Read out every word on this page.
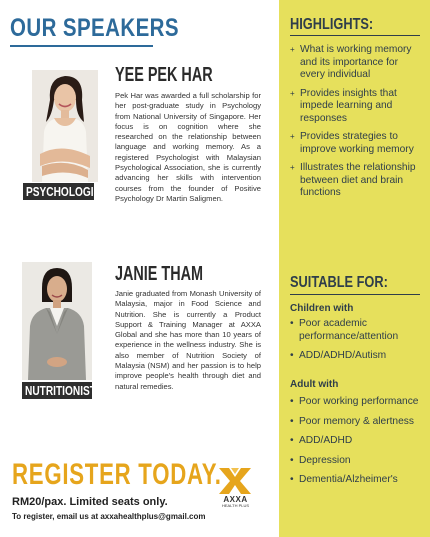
OUR SPEAKERS
PSYCHOLOGIST
YEE PEK HAR

Pek Har was awarded a full scholarship for her post-graduate study in Psychology from National University of Singapore. Her focus is on cognition where she researched on the relationship between language and working memory. As a registered Psychologist with Malaysian Psychological Association, she is currently advancing her skills with intervention courses from the founder of Positive Psychology Dr Martin Saligmen.

NUTRITIONIST
JANIE THAM

Janie graduated from Monash University of Malaysia, major in Food Science and Nutrition. She is currently a Product Support & Training Manager at AXXA Global and she has more than 10 years of experience in the wellness industry. She is also member of Nutrition Society of Malaysia (NSM) and her passion is to help improve people's health through diet and natural remedies.

REGISTER TODAY.
RM20/pax. Limited seats only.
To register, email us at axxahealthplus@gmail.com
AXXA
HEALTH PLUS
HIGHLIGHTS:
+ What is working memory and its importance for every individual
+ Provides insights that impede learning and responses
+ Provides strategies to improve working memory
+ Illustrates the relationship between diet and brain functions
SUITABLE FOR:
Children with
• Poor academic performance/attention
• ADD/ADHD/Autism
Adult with
• Poor working performance
• Poor memory & alertness
• ADD/ADHD
• Depression
• Dementia/Alzheimer's
